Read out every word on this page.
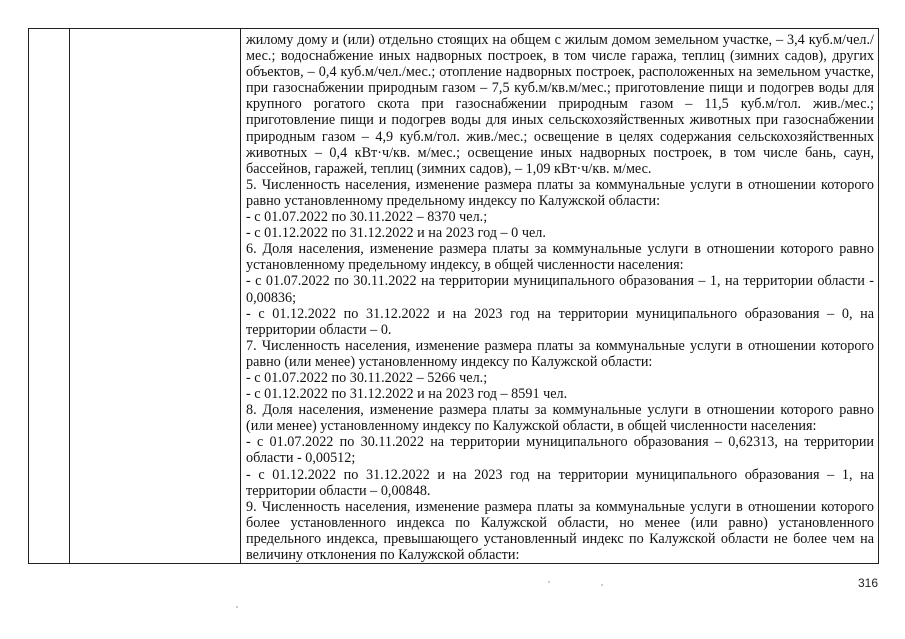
жилому дому и (или) отдельно стоящих на общем с жилым домом земельном участке, – 3,4 куб.м/чел./мес.; водоснабжение иных надворных построек, в том числе гаража, теплиц (зимних садов), других объектов, – 0,4 куб.м/чел./мес.; отопление надворных построек, расположенных на земельном участке, при газоснабжении природным газом – 7,5 куб.м/кв.м/мес.; приготовление пищи и подогрев воды для крупного рогатого скота при газоснабжении природным газом – 11,5 куб.м/гол. жив./мес.; приготовление пищи и подогрев воды для иных сельскохозяйственных животных при газоснабжении природным газом – 4,9 куб.м/гол. жив./мес.; освещение в целях содержания сельскохозяйственных животных – 0,4 кВт·ч/кв. м/мес.; освещение иных надворных построек, в том числе бань, саун, бассейнов, гаражей, теплиц (зимних садов), – 1,09 кВт·ч/кв. м/мес.

5. Численность населения, изменение размера платы за коммунальные услуги в отношении которого равно установленному предельному индексу по Калужской области:

- с 01.07.2022 по 30.11.2022 – 8370 чел.;

- с 01.12.2022 по 31.12.2022 и на 2023 год – 0 чел.

6. Доля населения, изменение размера платы за коммунальные услуги в отношении которого равно установленному предельному индексу, в общей численности населения:

- с 01.07.2022 по 30.11.2022 на территории муниципального образования – 1, на территории области - 0,00836;

- с 01.12.2022 по 31.12.2022 и на 2023 год на территории муниципального образования – 0, на территории области – 0.

7. Численность населения, изменение размера платы за коммунальные услуги в отношении которого равно (или менее) установленному индексу по Калужской области:

- с 01.07.2022 по 30.11.2022 – 5266 чел.;

- с 01.12.2022 по 31.12.2022 и на 2023 год – 8591 чел.

8. Доля населения, изменение размера платы за коммунальные услуги в отношении которого равно (или менее) установленному индексу по Калужской области, в общей численности населения:

- с 01.07.2022 по 30.11.2022 на территории муниципального образования – 0,62313, на территории области - 0,00512;

- с 01.12.2022 по 31.12.2022 и на 2023 год на территории муниципального образования – 1, на территории области – 0,00848.

9. Численность населения, изменение размера платы за коммунальные услуги в отношении которого более установленного индекса по Калужской области, но менее (или равно) установленного предельного индекса, превышающего установленный индекс по Калужской области не более чем на величину отклонения по Калужской области:

316
